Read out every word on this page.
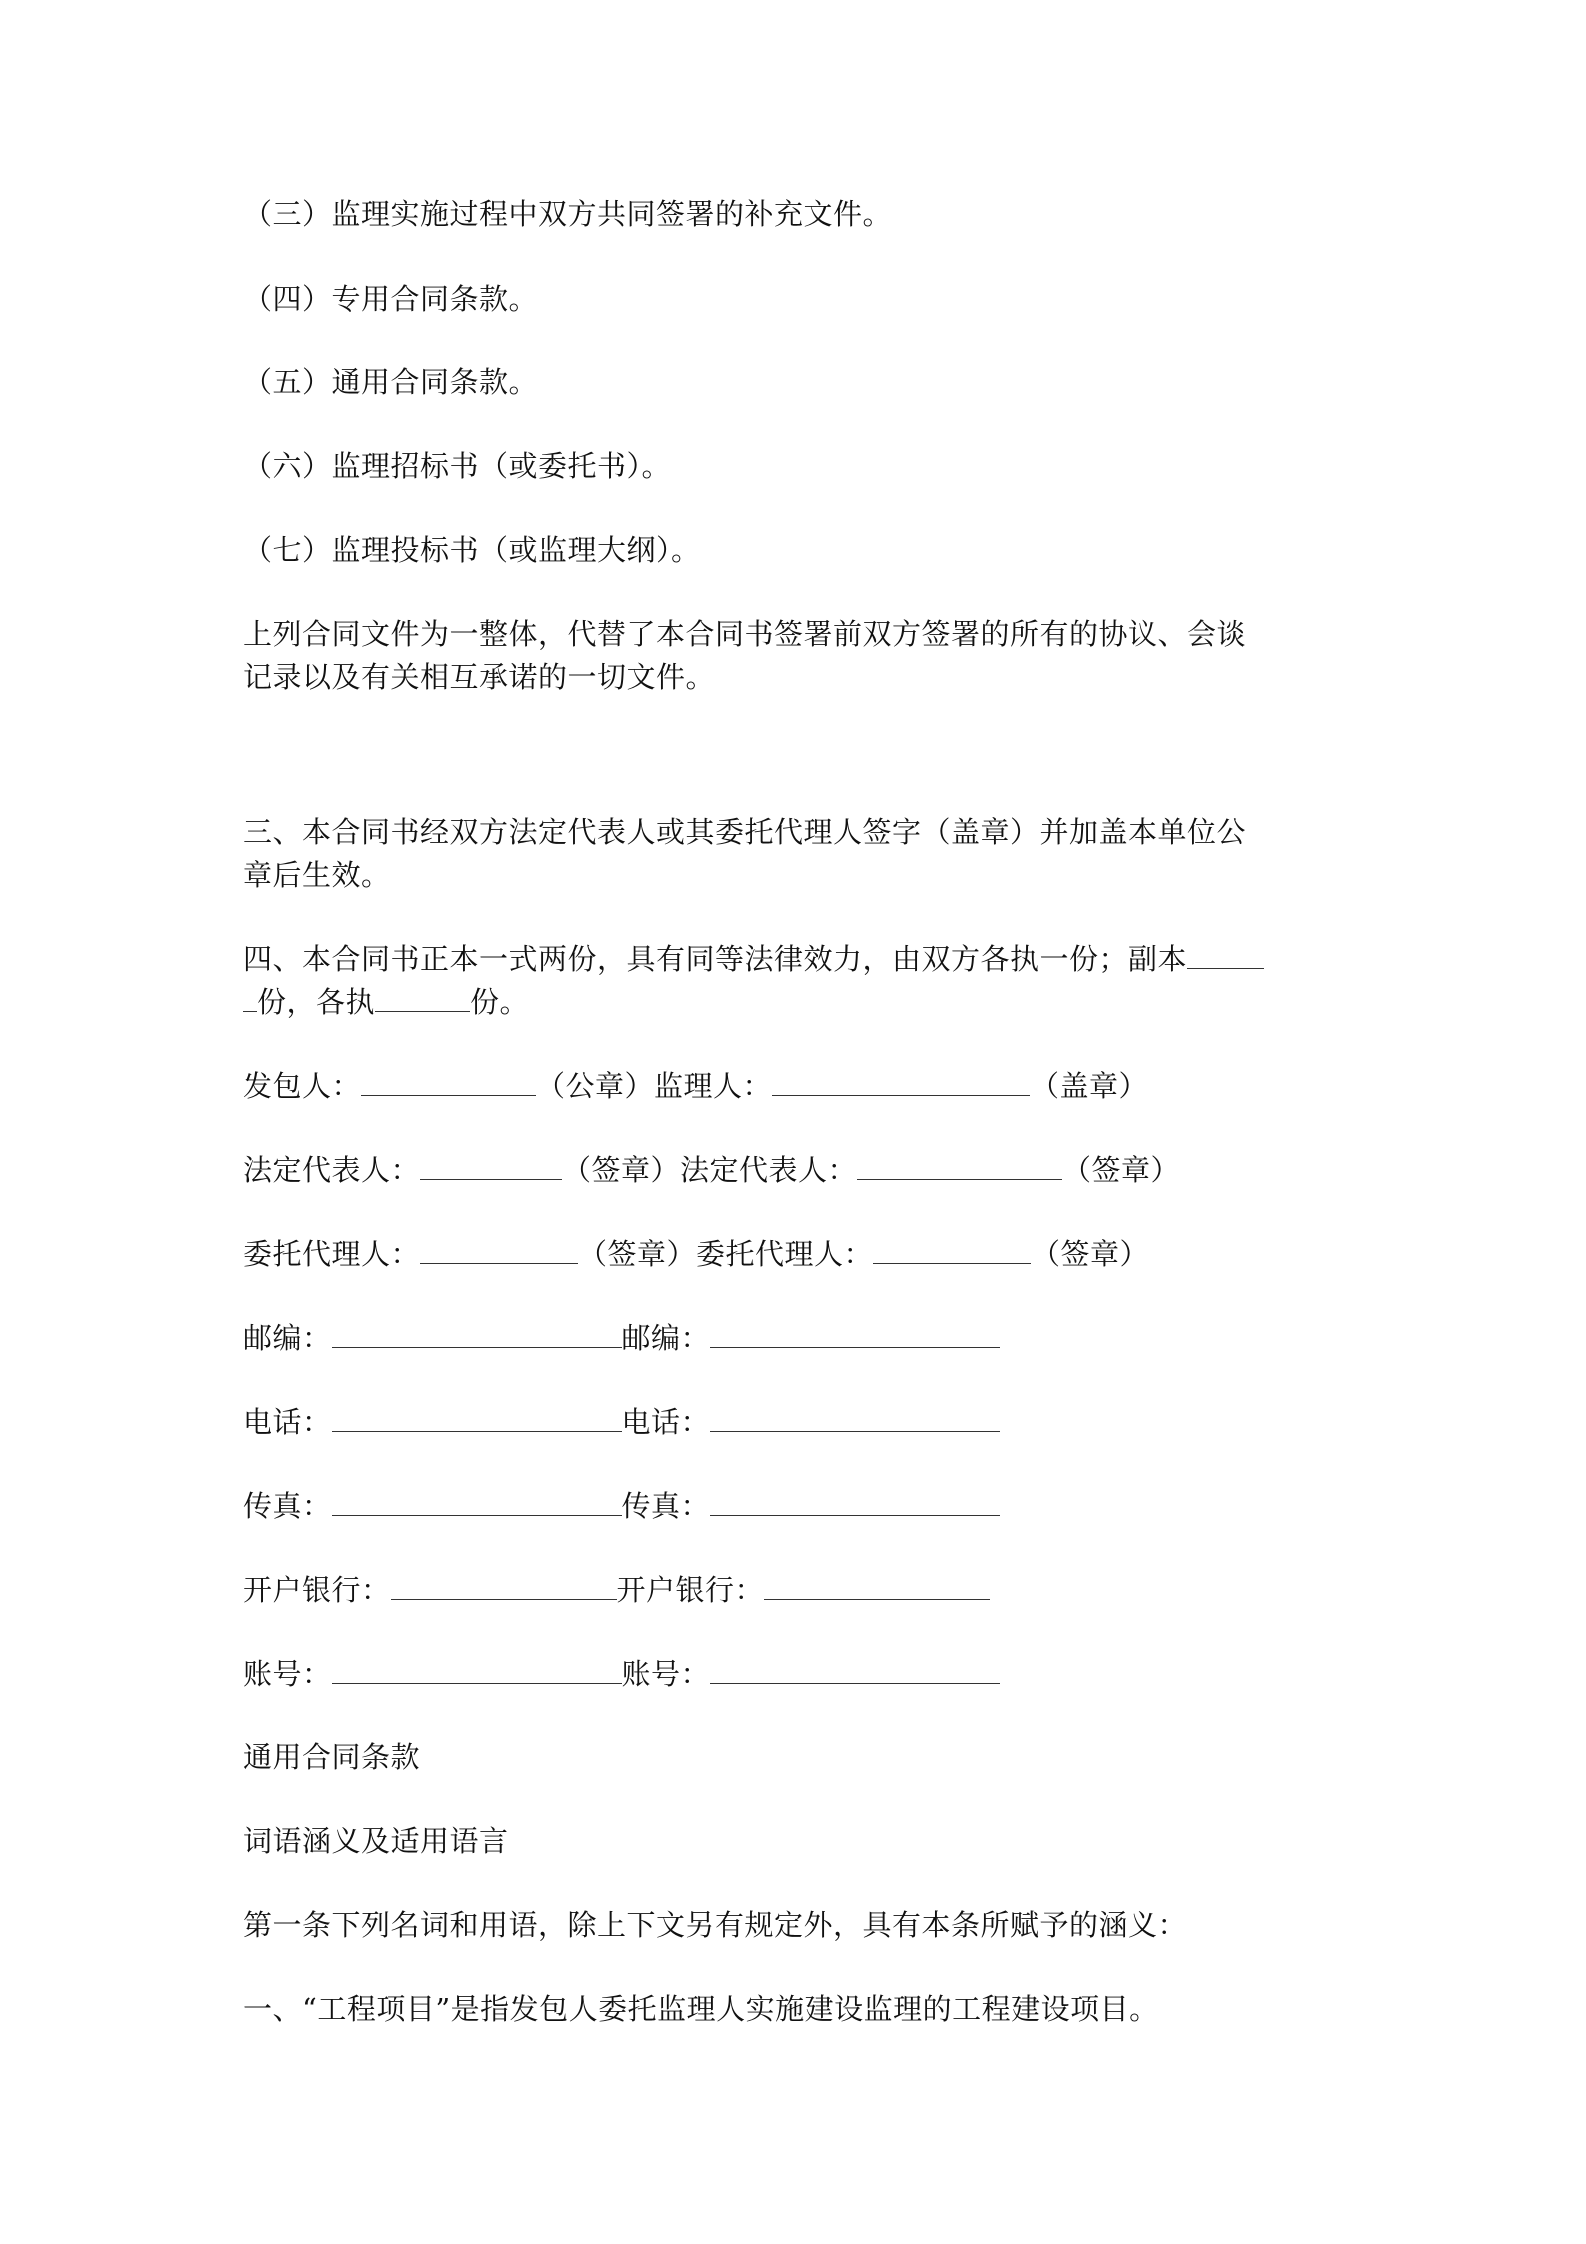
（三）监理实施过程中双方共同签署的补充文件。
（四）专用合同条款。
（五）通用合同条款。
（六）监理招标书（或委托书）。
（七）监理投标书（或监理大纲）。
上列合同文件为一整体，代替了本合同书签署前双方签署的所有的协议、会谈
记录以及有关相互承诺的一切文件。
三、本合同书经双方法定代表人或其委托代理人签字（盖章）并加盖本单位公
章后生效。
四、本合同书正本一式两份，具有同等法律效力，由双方各执一份；副本
份，各执	份。
发包人：	（公章）监理人：	（盖章）
法定代表人：	（签章）法定代表人：	（签章）
委托代理人：	（签章）委托代理人：	（签章）
邮编：	邮编：
电话：	电话：
传真：	传真：
开户银行：	开户银行：
账号：	账号：
通用合同条款
词语涵义及适用语言
第一条下列名词和用语，除上下文另有规定外，具有本条所赋予的涵义：
一、“工程项目”是指发包人委托监理人实施建设监理的工程建设项目。
